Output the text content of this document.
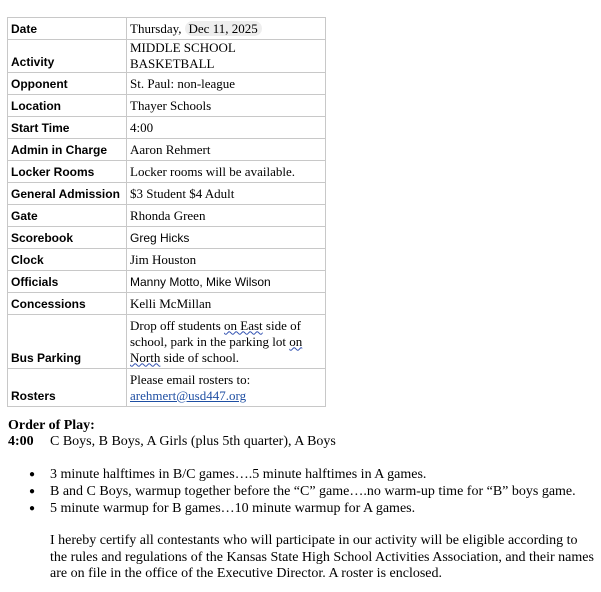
Date	Thursday, Dec 11, 2025
Activity	MIDDLE SCHOOL BASKETBALL
Opponent	St. Paul: non-league
Location	Thayer Schools
Start Time	4:00
Admin in Charge	Aaron Rehmert
Locker Rooms	Locker rooms will be available.
General Admission	$3 Student $4 Adult
Gate	Rhonda Green
Scorebook	Greg Hicks
Clock	Jim Houston
Officials	Manny Motto, Mike Wilson
Concessions	Kelli McMillan
Bus Parking	Drop off students on East side of school, park in the parking lot on North side of school.
Rosters	Please email rosters to:
arehmert@usd447.org
Order of Play:
4:00 C Boys, B Boys, A Girls (plus 5th quarter), A Boys
● 3 minute halftimes in B/C games….5 minute halftimes in A games.
● B and C Boys, warmup together before the “C” game….no warm-up time for “B” boys game.
● 5 minute warmup for B games…10 minute warmup for A games.

I hereby certify all contestants who will participate in our activity will be eligible according to the rules and regulations of the Kansas State High School Activities Association, and their names are on file in the office of the Executive Director. A roster is enclosed.
